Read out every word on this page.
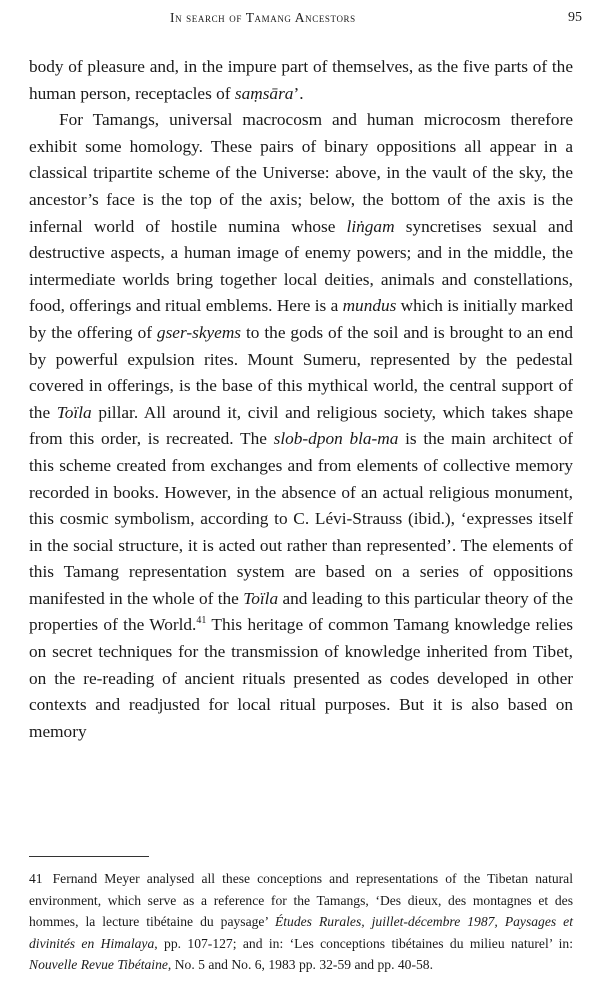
In search of Tamang Ancestors	95

body of pleasure and, in the impure part of themselves, as the five parts of the human person, receptacles of saṃsāra’.

For Tamangs, universal macrocosm and human microcosm therefore exhibit some homology. These pairs of binary oppositions all appear in a classical tripartite scheme of the Universe: above, in the vault of the sky, the ancestor’s face is the top of the axis; below, the bottom of the axis is the infernal world of hostile numina whose liṅgam syncretises sexual and destructive aspects, a human image of enemy powers; and in the middle, the intermediate worlds bring together local deities, animals and constellations, food, offerings and ritual emblems. Here is a mundus which is initially marked by the offering of gser-skyems to the gods of the soil and is brought to an end by powerful expulsion rites. Mount Sumeru, represented by the pedestal covered in offerings, is the base of this mythical world, the central support of the Toïla pillar. All around it, civil and religious society, which takes shape from this order, is recreated. The slob-dpon bla-ma is the main architect of this scheme created from exchanges and from elements of collective memory recorded in books. However, in the absence of an actual religious monument, this cosmic symbolism, according to C. Lévi-Strauss (ibid.), ‘expresses itself in the social structure, it is acted out rather than represented’. The elements of this Tamang representation system are based on a series of oppositions manifested in the whole of the Toïla and leading to this particular theory of the properties of the World.$^{41}$ This heritage of common Tamang knowledge relies on secret techniques for the transmission of knowledge inherited from Tibet, on the re-reading of ancient rituals presented as codes developed in other contexts and readjusted for local ritual purposes. But it is also based on memory

41 Fernand Meyer analysed all these conceptions and representations of the Tibetan natural environment, which serve as a reference for the Tamangs, ‘Des dieux, des montagnes et des hommes, la lecture tibétaine du paysage’ Études Rurales, juillet-décembre 1987, Paysages et divinités en Himalaya, pp. 107-127; and in: ‘Les conceptions tibétaines du milieu naturel’ in: Nouvelle Revue Tibétaine, No. 5 and No. 6, 1983 pp. 32-59 and pp. 40-58.
